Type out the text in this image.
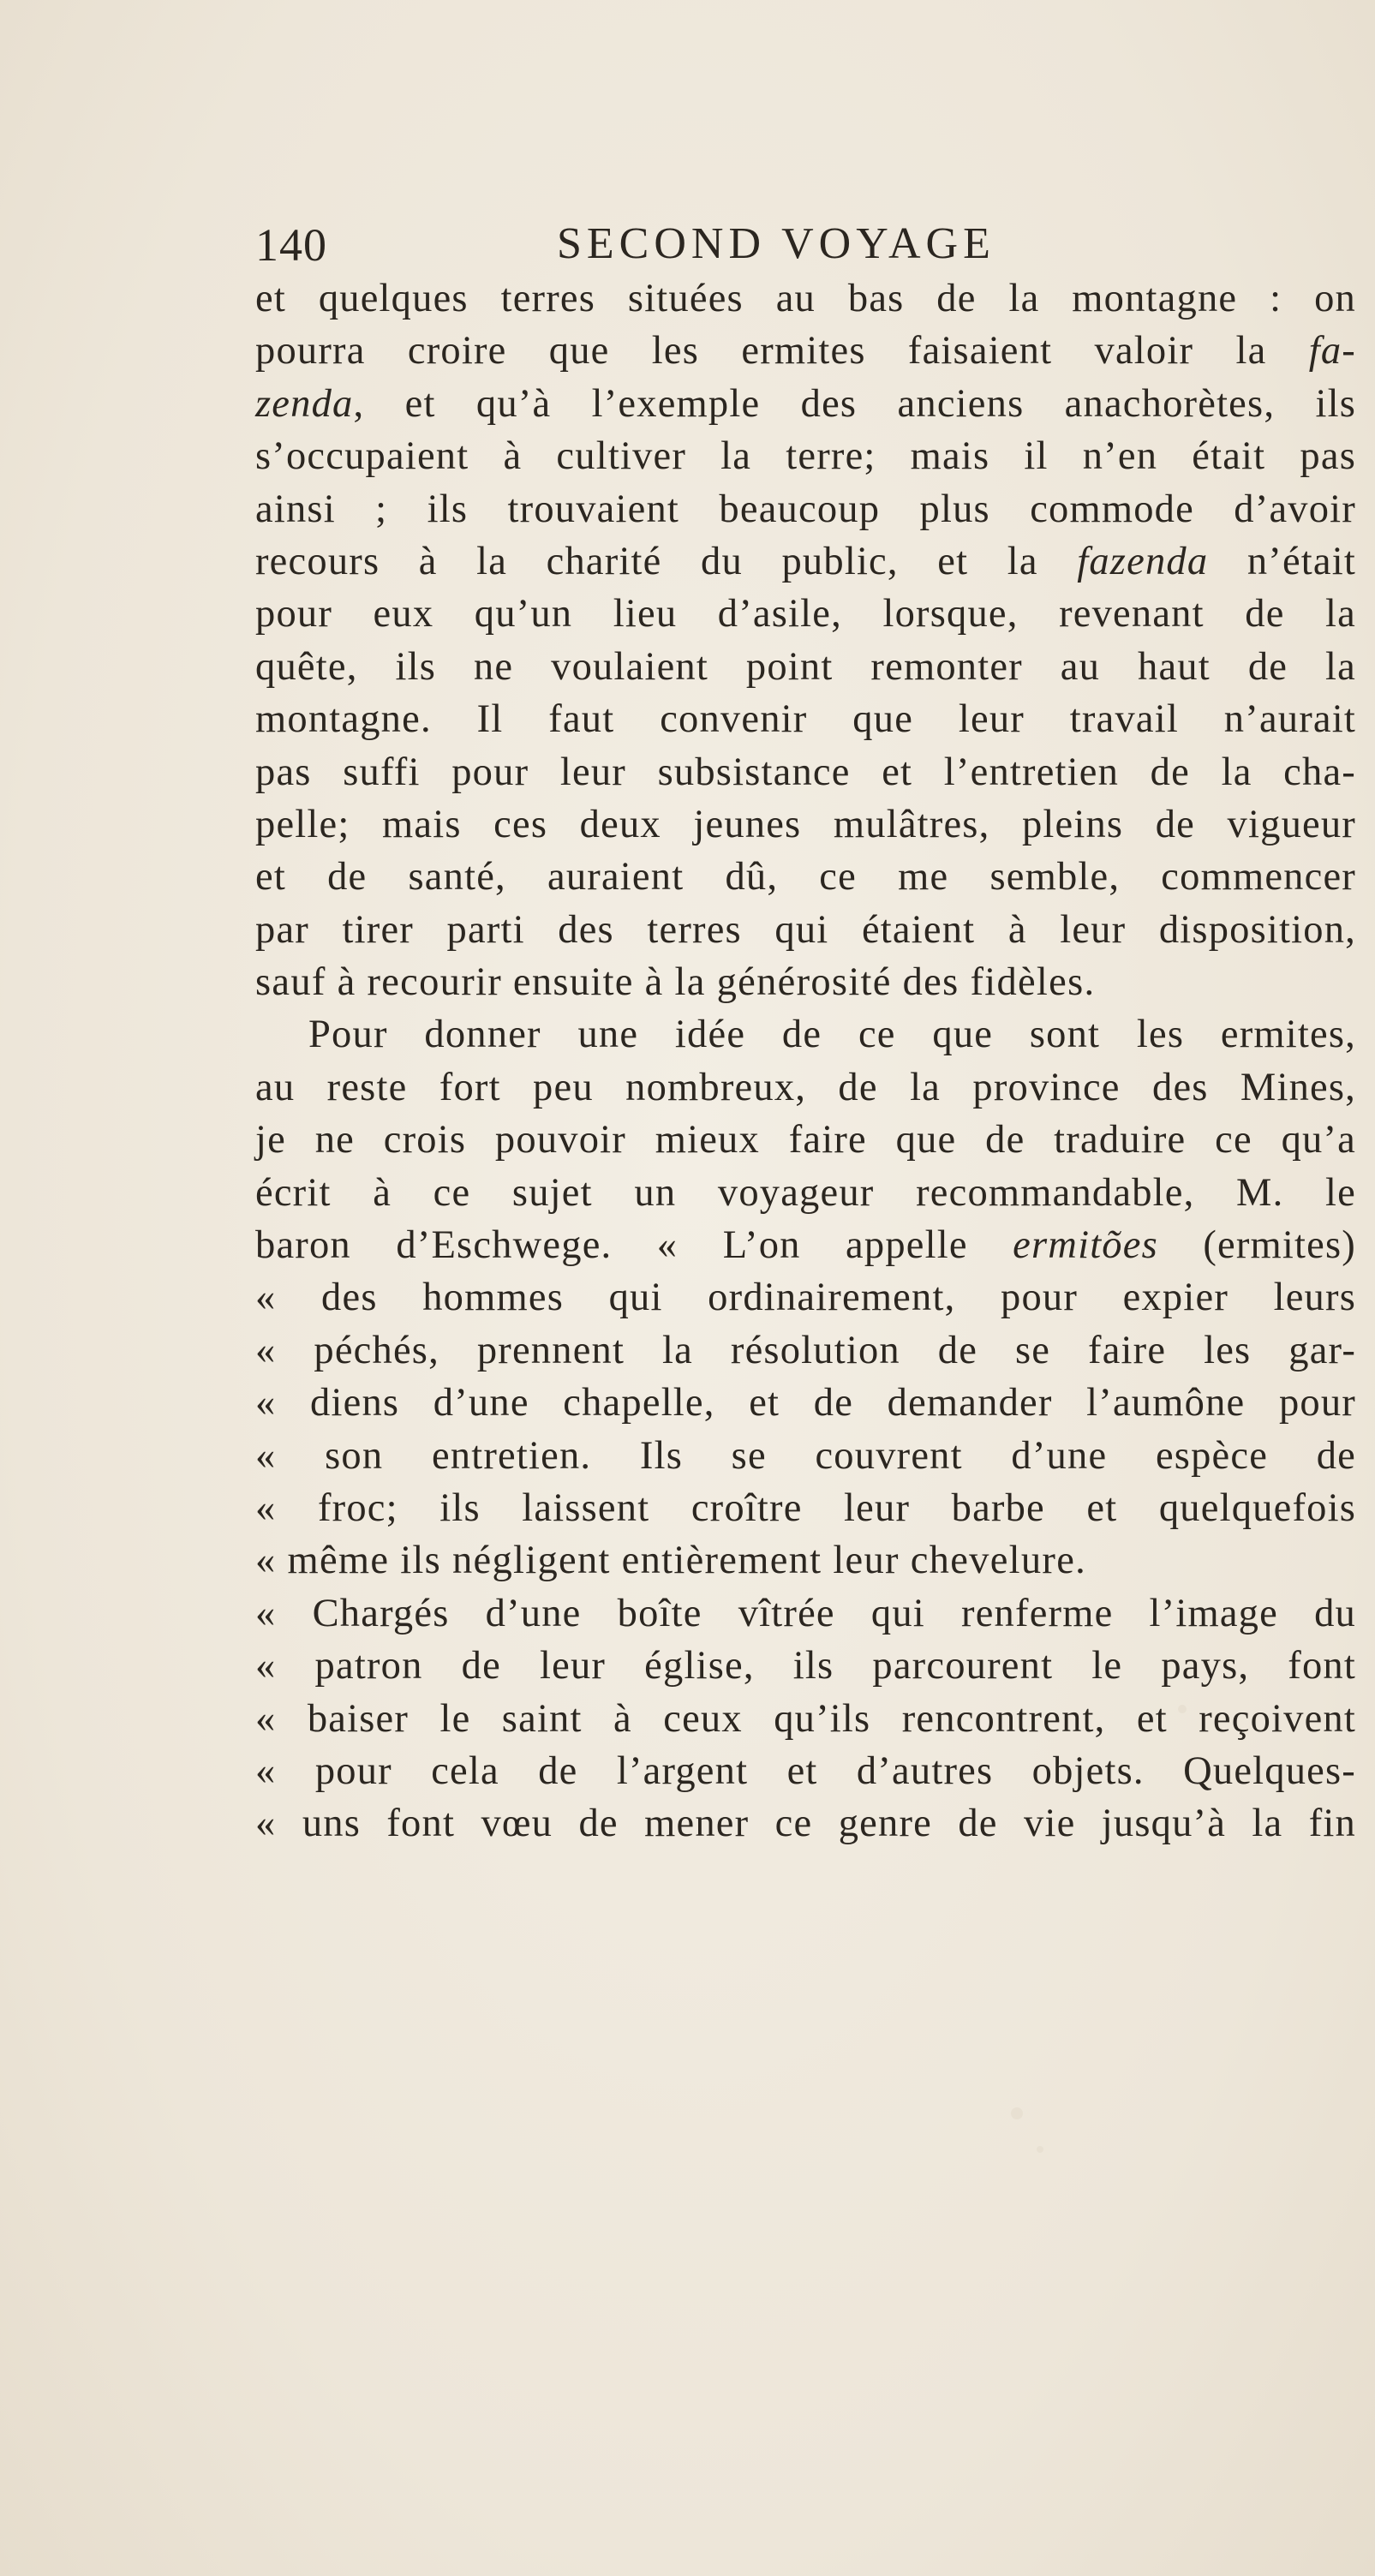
140	SECOND VOYAGE
et quelques terres situées au bas de la montagne : on
pourra croire que les ermites faisaient valoir la fa-
zenda, et qu’à l’exemple des anciens anachorètes, ils
s’occupaient à cultiver la terre; mais il n’en était pas
ainsi ; ils trouvaient beaucoup plus commode d’avoir
recours à la charité du public, et la fazenda n’était
pour eux qu’un lieu d’asile, lorsque, revenant de la
quête, ils ne voulaient point remonter au haut de la
montagne. Il faut convenir que leur travail n’aurait
pas suffi pour leur subsistance et l’entretien de la cha-
pelle; mais ces deux jeunes mulâtres, pleins de vigueur
et de santé, auraient dû, ce me semble, commencer
par tirer parti des terres qui étaient à leur disposition,
sauf à recourir ensuite à la générosité des fidèles.
Pour donner une idée de ce que sont les ermites,
au reste fort peu nombreux, de la province des Mines,
je ne crois pouvoir mieux faire que de traduire ce qu’a
écrit à ce sujet un voyageur recommandable, M. le
baron d’Eschwege. « L’on appelle ermitões (ermites)
« des hommes qui ordinairement, pour expier leurs
« péchés, prennent la résolution de se faire les gar-
« diens d’une chapelle, et de demander l’aumône pour
« son entretien. Ils se couvrent d’une espèce de
« froc; ils laissent croître leur barbe et quelquefois
« même ils négligent entièrement leur chevelure.
« Chargés d’une boîte vîtrée qui renferme l’image du
« patron de leur église, ils parcourent le pays, font
« baiser le saint à ceux qu’ils rencontrent, et reçoivent
« pour cela de l’argent et d’autres objets. Quelques-
« uns font vœu de mener ce genre de vie jusqu’à la fin
